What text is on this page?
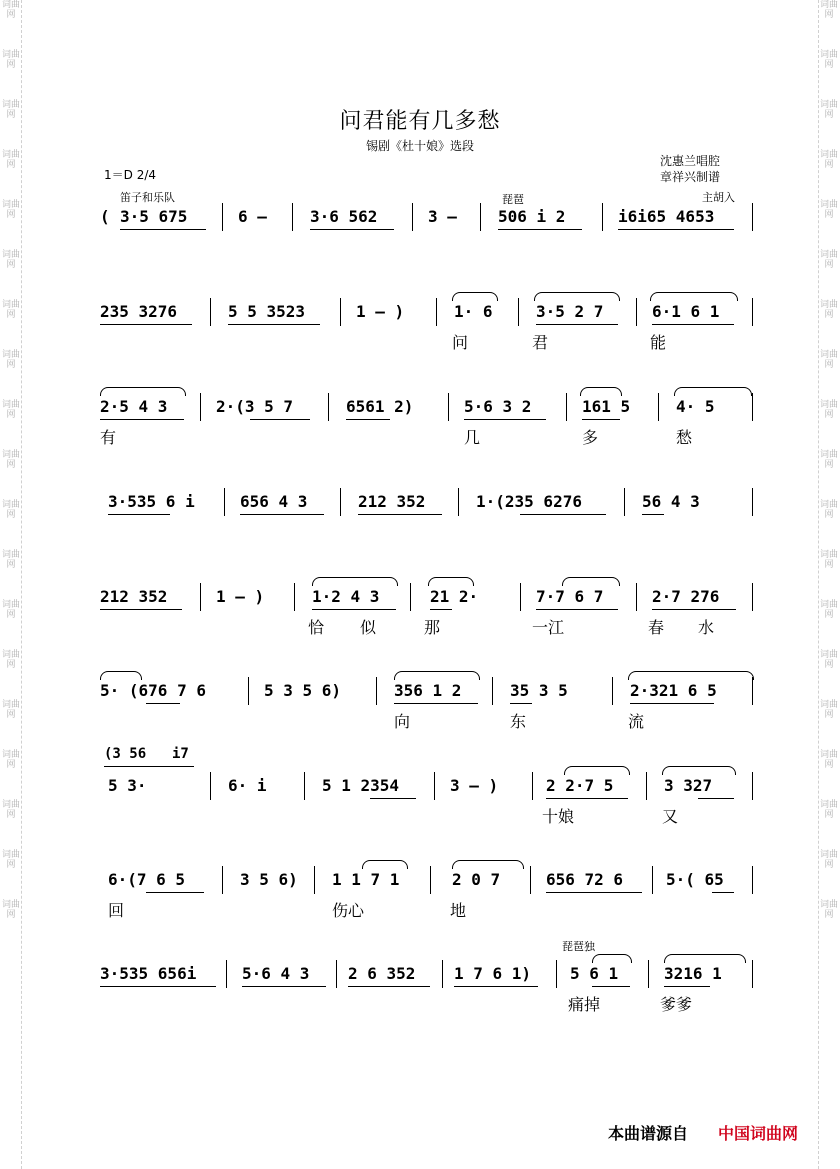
词曲网
词曲网
词曲网
词曲网
词曲网
词曲网
词曲网
词曲网
词曲网
词曲网
词曲网
词曲网
词曲网
词曲网
词曲网
词曲网
词曲网
词曲网
词曲网
词曲网
词曲网
词曲网
词曲网
词曲网
词曲网
词曲网
词曲网
词曲网
词曲网
词曲网
词曲网
词曲网
词曲网
词曲网
词曲网
词曲网
词曲网
词曲网
问君能有几多愁
锡剧《杜十娘》选段
1＝D 2/4
沈惠兰唱腔
章祥兴制谱
笛子和乐队	琵琶	主胡入
琵琶独
( 3·5 675	6 –	3·6 562	3 –	506 i 2	i6i65 4653
235 3276	5 5 3523	1 – )	1· 6	3·5 2 7	6·1 6 1
问	君	能
2·5 4 3	2·(3 5 7	6561 2)	5·6 3 2	161 5	4· 5
有	几	多	愁
3·535 6 i	656 4 3	212 352	1·(235 6276	56 4 3
212 352	1 – )	1·2 4 3	21 2·	7·7 6 7	2·7 276
恰 似	那	一江	春 水
5· (676 7 6	5 3 5 6)	356 1 2	35 3 5	2·321 6 5
向	东	流
(3 56 i7
5 3·	6· i	5 1 2354	3 – )	2 2·7 5	3 327
十娘	又
6·(7 6 5	3 5 6) 1 1 7 1	2 0 7	656 72 6	5·( 65
回	伤心	地
3·535 656i	5·6 4 3 2 6 352 1 7 6 1) 5 6 1	3216 1
痛掉	爹爹
本曲谱源自 中国词曲网
